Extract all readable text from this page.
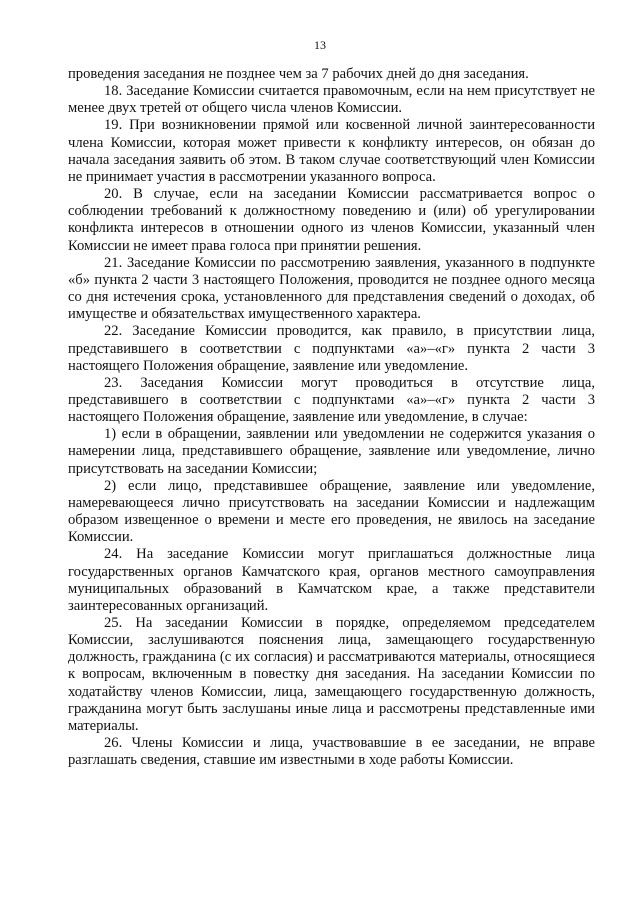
13

проведения заседания не позднее чем за 7 рабочих дней до дня заседания.

18. Заседание Комиссии считается правомочным, если на нем присутствует не менее двух третей от общего числа членов Комиссии.

19. При возникновении прямой или косвенной личной заинтересованности члена Комиссии, которая может привести к конфликту интересов, он обязан до начала заседания заявить об этом. В таком случае соответствующий член Комиссии не принимает участия в рассмотрении указанного вопроса.

20. В случае, если на заседании Комиссии рассматривается вопрос о соблюдении требований к должностному поведению и (или) об урегулировании конфликта интересов в отношении одного из членов Комиссии, указанный член Комиссии не имеет права голоса при принятии решения.

21. Заседание Комиссии по рассмотрению заявления, указанного в подпункте «б» пункта 2 части 3 настоящего Положения, проводится не позднее одного месяца со дня истечения срока, установленного для представления сведений о доходах, об имуществе и обязательствах имущественного характера.

22. Заседание Комиссии проводится, как правило, в присутствии лица, представившего в соответствии с подпунктами «а»–«г» пункта 2 части 3 настоящего Положения обращение, заявление или уведомление.

23. Заседания Комиссии могут проводиться в отсутствие лица, представившего в соответствии с подпунктами «а»–«г» пункта 2 части 3 настоящего Положения обращение, заявление или уведомление, в случае:

1) если в обращении, заявлении или уведомлении не содержится указания о намерении лица, представившего обращение, заявление или уведомление, лично присутствовать на заседании Комиссии;

2) если лицо, представившее обращение, заявление или уведомление, намеревающееся лично присутствовать на заседании Комиссии и надлежащим образом извещенное о времени и месте его проведения, не явилось на заседание Комиссии.

24. На заседание Комиссии могут приглашаться должностные лица государственных органов Камчатского края, органов местного самоуправления муниципальных образований в Камчатском крае, а также представители заинтересованных организаций.

25. На заседании Комиссии в порядке, определяемом председателем Комиссии, заслушиваются пояснения лица, замещающего государственную должность, гражданина (с их согласия) и рассматриваются материалы, относящиеся к вопросам, включенным в повестку дня заседания. На заседании Комиссии по ходатайству членов Комиссии, лица, замещающего государственную должность, гражданина могут быть заслушаны иные лица и рассмотрены представленные ими материалы.

26. Члены Комиссии и лица, участвовавшие в ее заседании, не вправе разглашать сведения, ставшие им известными в ходе работы Комиссии.
